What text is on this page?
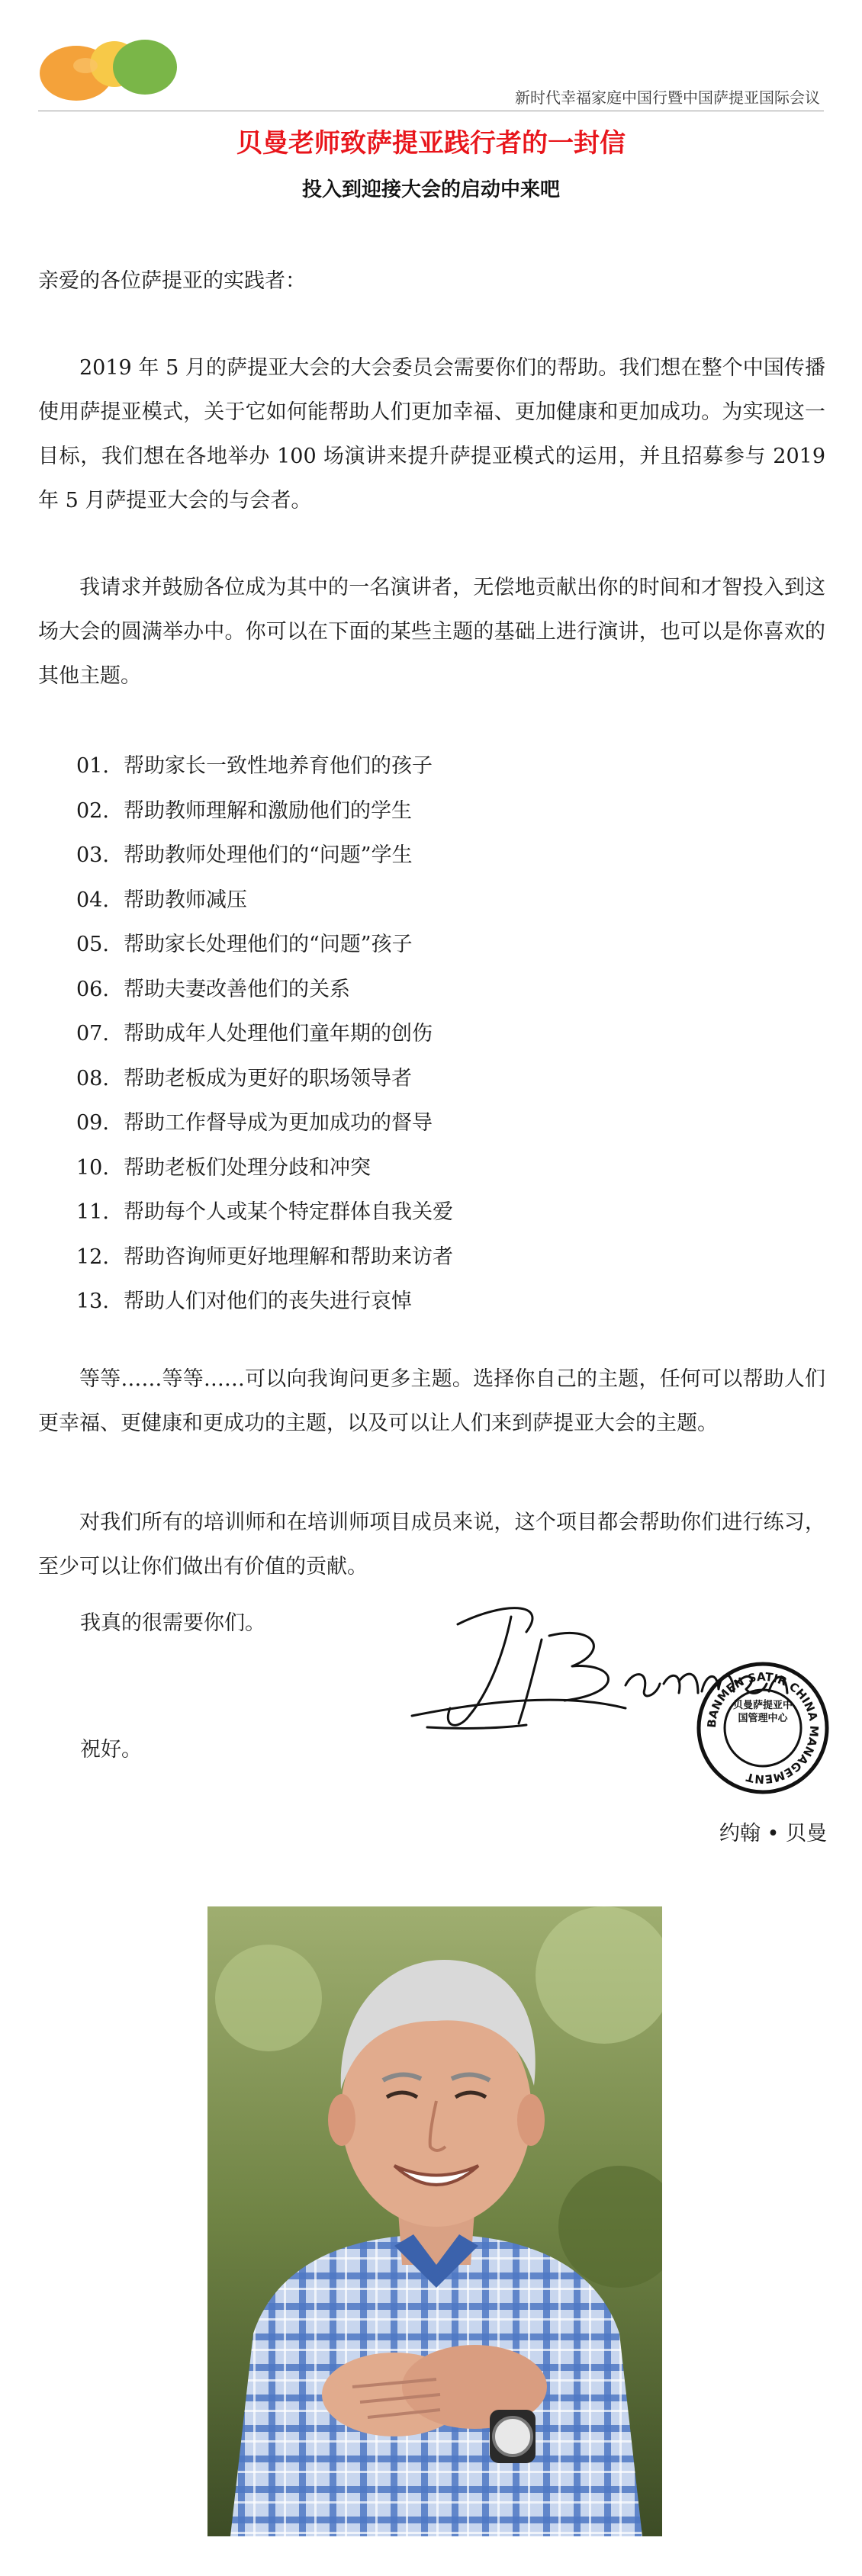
新时代幸福家庭中国行暨中国萨提亚国际会议
贝曼老师致萨提亚践行者的一封信
投入到迎接大会的启动中来吧
亲爱的各位萨提亚的实践者：
2019 年 5 月的萨提亚大会的大会委员会需要你们的帮助。我们想在整个中国传播使用萨提亚模式，关于它如何能帮助人们更加幸福、更加健康和更加成功。为实现这一目标，我们想在各地举办 100 场演讲来提升萨提亚模式的运用，并且招募参与 2019 年 5 月萨提亚大会的与会者。
我请求并鼓励各位成为其中的一名演讲者，无偿地贡献出你的时间和才智投入到这场大会的圆满举办中。你可以在下面的某些主题的基础上进行演讲，也可以是你喜欢的其他主题。
01. 帮助家长一致性地养育他们的孩子
02. 帮助教师理解和激励他们的学生
03. 帮助教师处理他们的“问题”学生
04. 帮助教师减压
05. 帮助家长处理他们的“问题”孩子
06. 帮助夫妻改善他们的关系
07. 帮助成年人处理他们童年期的创伤
08. 帮助老板成为更好的职场领导者
09. 帮助工作督导成为更加成功的督导
10. 帮助老板们处理分歧和冲突
11. 帮助每个人或某个特定群体自我关爱
12. 帮助咨询师更好地理解和帮助来访者
13. 帮助人们对他们的丧失进行哀悼
等等……等等……可以向我询问更多主题。选择你自己的主题，任何可以帮助人们更幸福、更健康和更成功的主题，以及可以让人们来到萨提亚大会的主题。
对我们所有的培训师和在培训师项目成员来说，这个项目都会帮助你们进行练习，至少可以让你们做出有价值的贡献。
我真的很需要你们。
祝好。
BANMEN SATIR CHINA MANAGEMENT
贝曼萨提亚中国管理中心
约翰 • 贝曼
